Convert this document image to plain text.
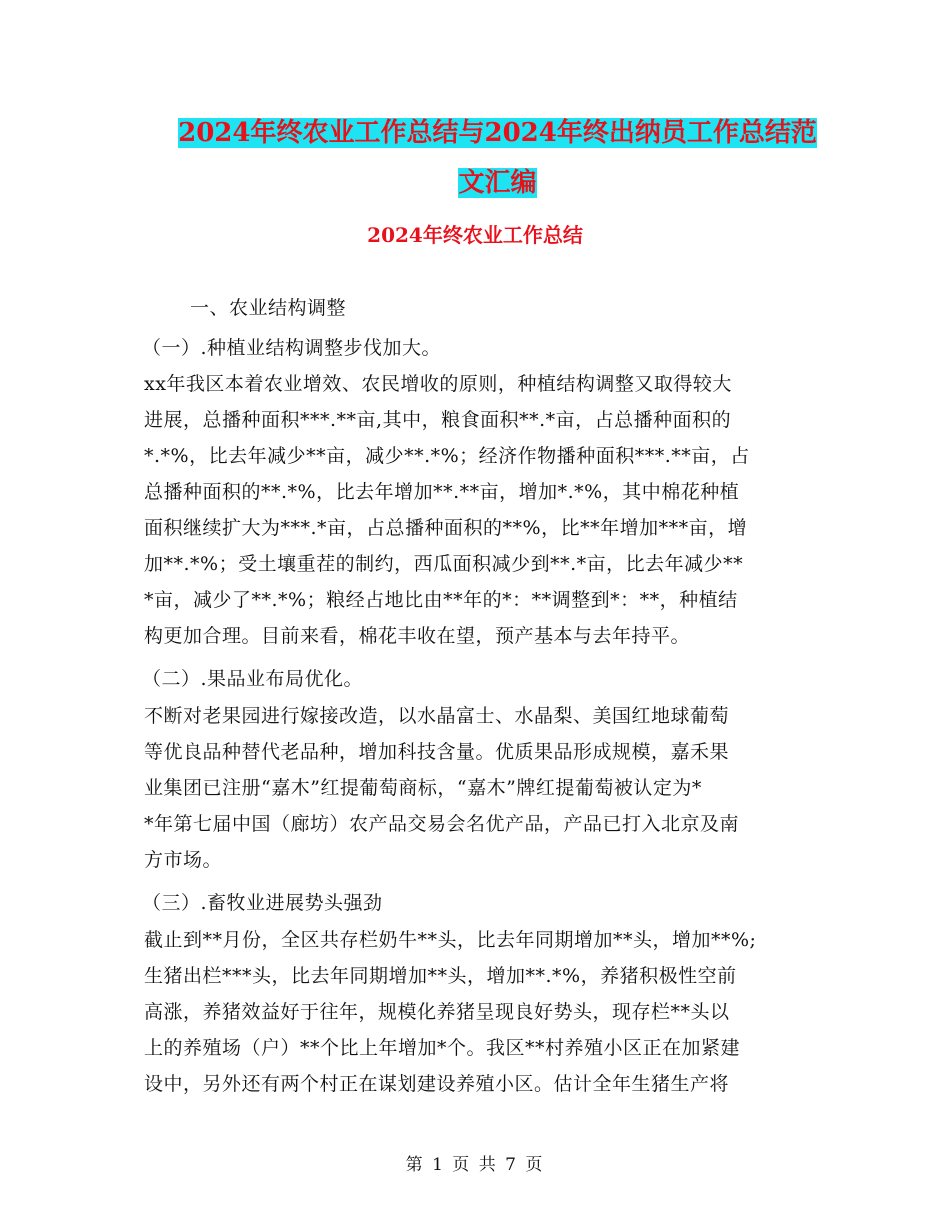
2024年终农业工作总结与2024年终出纳员工作总结范
文汇编
2024年终农业工作总结
一、农业结构调整
（一）.种植业结构调整步伐加大。
xx年我区本着农业增效、农民增收的原则，种植结构调整又取得较大
进展，总播种面积***.**亩,其中，粮食面积**.*亩，占总播种面积的
*.*%，比去年减少**亩，减少**.*%；经济作物播种面积***.**亩，占
总播种面积的**.*%，比去年增加**.**亩，增加*.*%，其中棉花种植
面积继续扩大为***.*亩，占总播种面积的**%，比**年增加***亩，增
加**.*%；受土壤重茬的制约，西瓜面积减少到**.*亩，比去年减少**
*亩，减少了**.*%；粮经占地比由**年的*：**调整到*：**，种植结
构更加合理。目前来看，棉花丰收在望，预产基本与去年持平。
（二）.果品业布局优化。
不断对老果园进行嫁接改造，以水晶富士、水晶梨、美国红地球葡萄
等优良品种替代老品种，增加科技含量。优质果品形成规模，嘉禾果
业集团已注册“嘉木”红提葡萄商标，“嘉木”牌红提葡萄被认定为*
*年第七届中国（廊坊）农产品交易会名优产品，产品已打入北京及南
方市场。
（三）.畜牧业进展势头强劲
截止到**月份，全区共存栏奶牛**头，比去年同期增加**头，增加**%;
生猪出栏***头，比去年同期增加**头，增加**.*%，养猪积极性空前
高涨，养猪效益好于往年，规模化养猪呈现良好势头，现存栏**头以
上的养殖场（户）**个比上年增加*个。我区**村养殖小区正在加紧建
设中，另外还有两个村正在谋划建设养殖小区。估计全年生猪生产将
第 1 页 共 7 页
